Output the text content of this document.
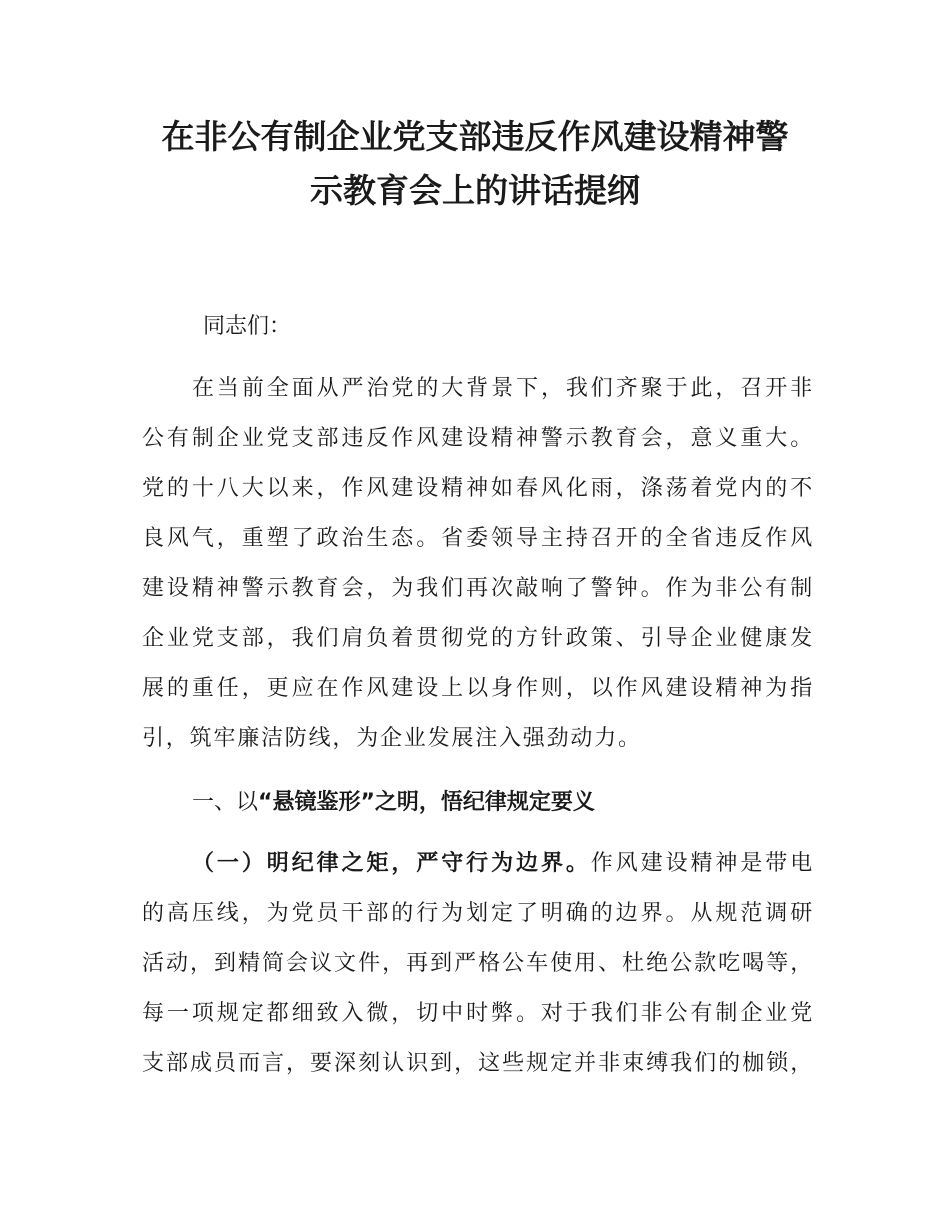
在非公有制企业党支部违反作风建设精神警
示教育会上的讲话提纲

同志们：

在当前全面从严治党的大背景下，我们齐聚于此，召开非
公有制企业党支部违反作风建设精神警示教育会，意义重大。
党的十八大以来，作风建设精神如春风化雨，涤荡着党内的不
良风气，重塑了政治生态。省委领导主持召开的全省违反作风
建设精神警示教育会，为我们再次敲响了警钟。作为非公有制
企业党支部，我们肩负着贯彻党的方针政策、引导企业健康发
展的重任，更应在作风建设上以身作则，以作风建设精神为指
引，筑牢廉洁防线，为企业发展注入强劲动力。

一、以“悬镜鉴形”之明，悟纪律规定要义

（一）明纪律之矩，严守行为边界。作风建设精神是带电
的高压线，为党员干部的行为划定了明确的边界。从规范调研
活动，到精简会议文件，再到严格公车使用、杜绝公款吃喝等，
每一项规定都细致入微，切中时弊。对于我们非公有制企业党
支部成员而言，要深刻认识到，这些规定并非束缚我们的枷锁，
